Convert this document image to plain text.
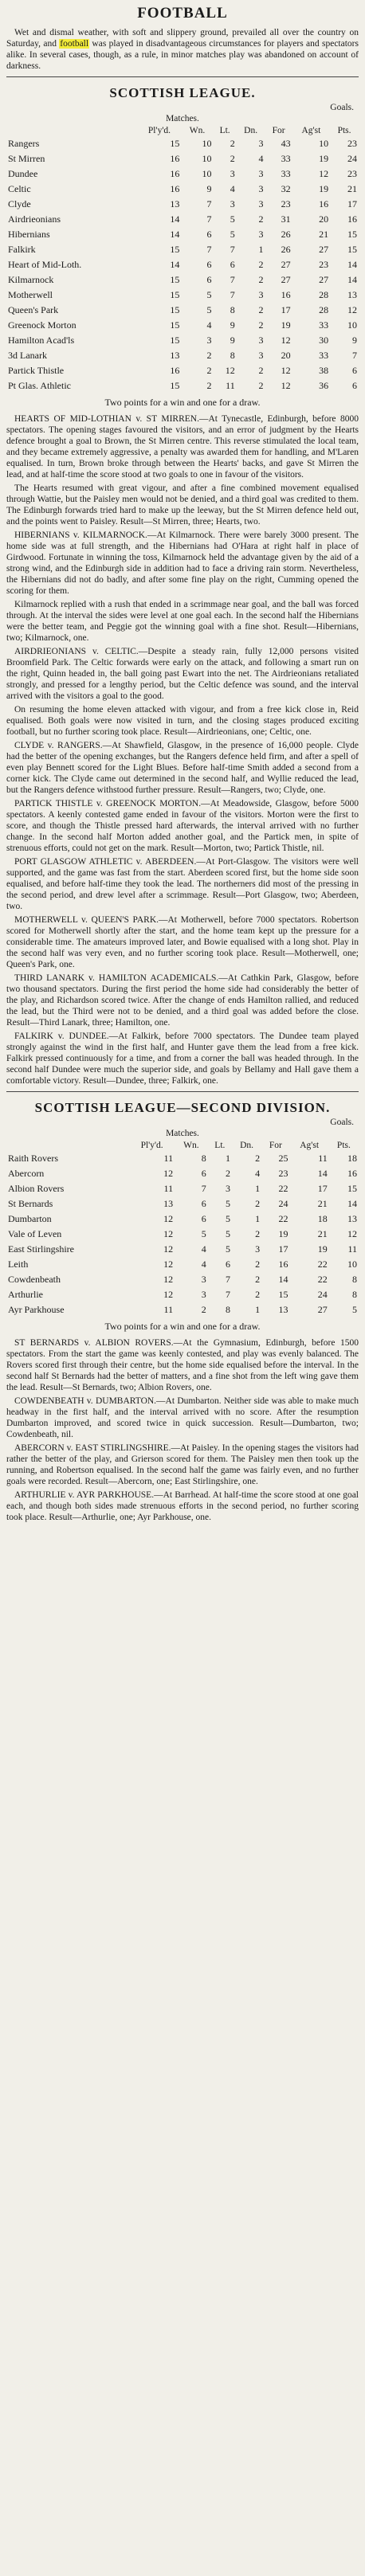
FOOTBALL

Wet and dismal weather, with soft and slippery ground, prevailed all over the country on Saturday, and football was played in disadvantageous circumstances for players and spectators alike. In several cases, though, as a rule, in minor matches play was abandoned on account of darkness.

SCOTTISH LEAGUE.
Goals.
Matches.
	Pl'y'd.	Wn.	Lt.	Dn.	For	Ag'st	Pts.
Rangers	15	10	2	3	43	10	23
St Mirren	16	10	2	4	33	19	24
Dundee	16	10	3	3	33	12	23
Celtic	16	9	4	3	32	19	21
Clyde	13	7	3	3	23	16	17
Airdrieonians	14	7	5	2	31	20	16
Hibernians	14	6	5	3	26	21	15
Falkirk	15	7	7	1	26	27	15
Heart of Mid-Loth.	14	6	6	2	27	23	14
Kilmarnock	15	6	7	2	27	27	14
Motherwell	15	5	7	3	16	28	13
Queen's Park	15	5	8	2	17	28	12
Greenock Morton	15	4	9	2	19	33	10
Hamilton Acad'ls	15	3	9	3	12	30	9
3d Lanark	13	2	8	3	20	33	7
Partick Thistle	16	2	12	2	12	38	6
Pt Glas. Athletic	15	2	11	2	12	36	6
Two points for a win and one for a draw.

HEARTS OF MID-LOTHIAN v. ST MIRREN.—At Tynecastle, Edinburgh, before 8000 spectators. The opening stages favoured the visitors, and an error of judgment by the Hearts defence brought a goal to Brown, the St Mirren centre. This reverse stimulated the local team, and they became extremely aggressive, a penalty was awarded them for handling, and M'Laren equalised. In turn, Brown broke through between the Hearts' backs, and gave St Mirren the lead, and at half-time the score stood at two goals to one in favour of the visitors.

The Hearts resumed with great vigour, and after a fine combined movement equalised through Wattie, but the Paisley men would not be denied, and a third goal was credited to them. The Edinburgh forwards tried hard to make up the leeway, but the St Mirren defence held out, and the points went to Paisley. Result—St Mirren, three; Hearts, two.

HIBERNIANS v. KILMARNOCK.—At Kilmarnock. There were barely 3000 present. The home side was at full strength, and the Hibernians had O'Hara at right half in place of Girdwood. Fortunate in winning the toss, Kilmarnock held the advantage given by the aid of a strong wind, and the Edinburgh side in addition had to face a driving rain storm. Nevertheless, the Hibernians did not do badly, and after some fine play on the right, Cumming opened the scoring for them.

Kilmarnock replied with a rush that ended in a scrimmage near goal, and the ball was forced through. At the interval the sides were level at one goal each. In the second half the Hibernians were the better team, and Peggie got the winning goal with a fine shot. Result—Hibernians, two; Kilmarnock, one.

AIRDRIEONIANS v. CELTIC.—Despite a steady rain, fully 12,000 persons visited Broomfield Park. The Celtic forwards were early on the attack, and following a smart run on the right, Quinn headed in, the ball going past Ewart into the net. The Airdrieonians retaliated strongly, and pressed for a lengthy period, but the Celtic defence was sound, and the interval arrived with the visitors a goal to the good.

On resuming the home eleven attacked with vigour, and from a free kick close in, Reid equalised. Both goals were now visited in turn, and the closing stages produced exciting football, but no further scoring took place. Result—Airdrieonians, one; Celtic, one.

CLYDE v. RANGERS.—At Shawfield, Glasgow, in the presence of 16,000 people. Clyde had the better of the opening exchanges, but the Rangers defence held firm, and after a spell of even play Bennett scored for the Light Blues. Before half-time Smith added a second from a corner kick. The Clyde came out determined in the second half, and Wyllie reduced the lead, but the Rangers defence withstood further pressure. Result—Rangers, two; Clyde, one.

PARTICK THISTLE v. GREENOCK MORTON.—At Meadowside, Glasgow, before 5000 spectators. A keenly contested game ended in favour of the visitors. Morton were the first to score, and though the Thistle pressed hard afterwards, the interval arrived with no further change. In the second half Morton added another goal, and the Partick men, in spite of strenuous efforts, could not get on the mark. Result—Morton, two; Partick Thistle, nil.

PORT GLASGOW ATHLETIC v. ABERDEEN.—At Port-Glasgow. The visitors were well supported, and the game was fast from the start. Aberdeen scored first, but the home side soon equalised, and before half-time they took the lead. The northerners did most of the pressing in the second period, and drew level after a scrimmage. Result—Port Glasgow, two; Aberdeen, two.

MOTHERWELL v. QUEEN'S PARK.—At Motherwell, before 7000 spectators. Robertson scored for Motherwell shortly after the start, and the home team kept up the pressure for a considerable time. The amateurs improved later, and Bowie equalised with a long shot. Play in the second half was very even, and no further scoring took place. Result—Motherwell, one; Queen's Park, one.

THIRD LANARK v. HAMILTON ACADEMICALS.—At Cathkin Park, Glasgow, before two thousand spectators. During the first period the home side had considerably the better of the play, and Richardson scored twice. After the change of ends Hamilton rallied, and reduced the lead, but the Third were not to be denied, and a third goal was added before the close. Result—Third Lanark, three; Hamilton, one.

FALKIRK v. DUNDEE.—At Falkirk, before 7000 spectators. The Dundee team played strongly against the wind in the first half, and Hunter gave them the lead from a free kick. Falkirk pressed continuously for a time, and from a corner the ball was headed through. In the second half Dundee were much the superior side, and goals by Bellamy and Hall gave them a comfortable victory. Result—Dundee, three; Falkirk, one.

SCOTTISH LEAGUE—SECOND DIVISION.
Goals.
Matches.
	Pl'y'd.	Wn.	Lt.	Dn.	For	Ag'st	Pts.
Raith Rovers	11	8	1	2	25	11	18
Abercorn	12	6	2	4	23	14	16
Albion Rovers	11	7	3	1	22	17	15
St Bernards	13	6	5	2	24	21	14
Dumbarton	12	6	5	1	22	18	13
Vale of Leven	12	5	5	2	19	21	12
East Stirlingshire	12	4	5	3	17	19	11
Leith	12	4	6	2	16	22	10
Cowdenbeath	12	3	7	2	14	22	8
Arthurlie	12	3	7	2	15	24	8
Ayr Parkhouse	11	2	8	1	13	27	5
Two points for a win and one for a draw.

ST BERNARDS v. ALBION ROVERS.—At the Gymnasium, Edinburgh, before 1500 spectators. From the start the game was keenly contested, and play was evenly balanced. The Rovers scored first through their centre, but the home side equalised before the interval. In the second half St Bernards had the better of matters, and a fine shot from the left wing gave them the lead. Result—St Bernards, two; Albion Rovers, one.

COWDENBEATH v. DUMBARTON.—At Dumbarton. Neither side was able to make much headway in the first half, and the interval arrived with no score. After the resumption Dumbarton improved, and scored twice in quick succession. Result—Dumbarton, two; Cowdenbeath, nil.

ABERCORN v. EAST STIRLINGSHIRE.—At Paisley. In the opening stages the visitors had rather the better of the play, and Grierson scored for them. The Paisley men then took up the running, and Robertson equalised. In the second half the game was fairly even, and no further goals were recorded. Result—Abercorn, one; East Stirlingshire, one.

ARTHURLIE v. AYR PARKHOUSE.—At Barrhead. At half-time the score stood at one goal each, and though both sides made strenuous efforts in the second period, no further scoring took place. Result—Arthurlie, one; Ayr Parkhouse, one.
